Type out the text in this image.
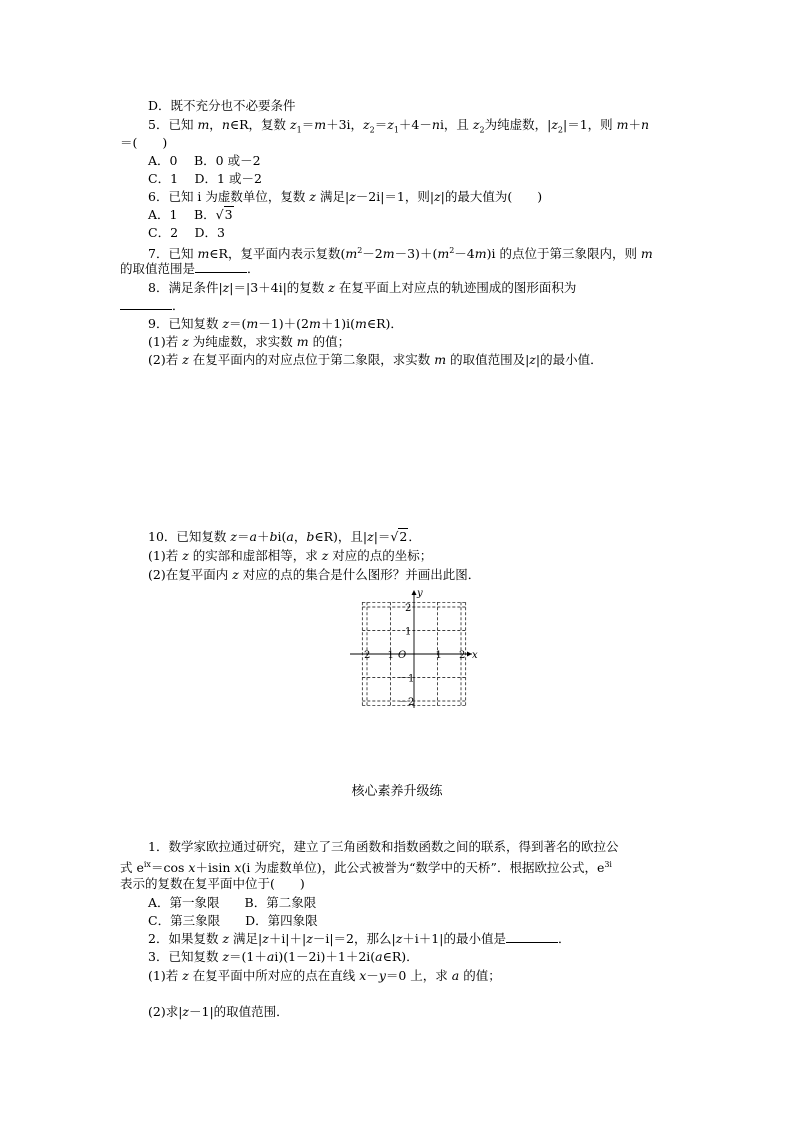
D．既不充分也不必要条件
5．已知 m，n∈R，复数 $z_1=m+3i$，$z_2=z_1+4-ni$，且 $z_2$为纯虚数，$|z_2|=1$，则 m＋n
＝(　　)
A．0　 B．0 或－2
C．1　 D．1 或－2
6．已知 i 为虚数单位，复数 z 满足|z－2i|＝1，则|z|的最大值为(　　)
A．1　 B．√3
C．2　 D．3
7．已知 m∈R，复平面内表示复数$(m^2-2m-3)+(m^2-4m)i$ 的点位于第三象限内，则 m
的取值范围是	．
8．满足条件|z|＝|3＋4i|的复数 z 在复平面上对应点的轨迹围成的图形面积为
．
9．已知复数 z＝(m－1)＋(2m＋1)i(m∈R)．
(1)若 z 为纯虚数，求实数 m 的值；
(2)若 z 在复平面内的对应点位于第二象限，求实数 m 的取值范围及|z|的最小值．
10．已知复数 z＝a＋bi(a，b∈R)，且|z|＝√2．
(1)若 z 的实部和虚部相等，求 z 对应的点的坐标；
(2)在复平面内 z 对应的点的集合是什么图形？并画出此图．
1．数学家欧拉通过研究，建立了三角函数和指数函数之间的联系，得到著名的欧拉公
式 $e^{ix}=\cos$ x＋isin x(i 为虚数单位)，此公式被誉为“数学中的天桥”．根据欧拉公式，$e^{3i}$
表示的复数在复平面中位于(　　)
A．第一象限　　B．第二象限
C．第三象限　　D．第四象限
2．如果复数 z 满足|z＋i|＋|z－i|＝2，那么|z＋i＋1|的最小值是	．
3．已知复数 z＝(1＋ai)(1－2i)＋1＋2i(a∈R)．
(1)若 z 在复平面中所对应的点在直线 x－y＝0 上，求 a 的值；
(2)求|z－1|的取值范围．
核心素养升级练
－2 －1 O	1 2
2
1
－1
－2
x
y
